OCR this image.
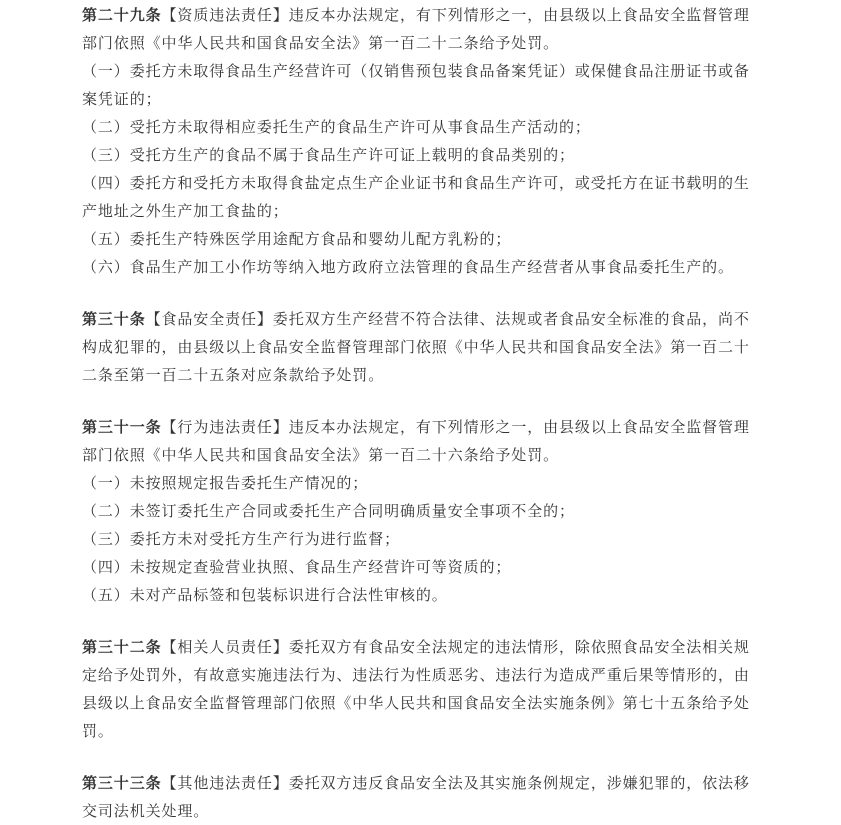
第二十九条【资质违法责任】违反本办法规定，有下列情形之一，由县级以上食品安全监督管理部门依照《中华人民共和国食品安全法》第一百二十二条给予处罚。

（一）委托方未取得食品生产经营许可（仅销售预包装食品备案凭证）或保健食品注册证书或备案凭证的；

（二）受托方未取得相应委托生产的食品生产许可从事食品生产活动的；

（三）受托方生产的食品不属于食品生产许可证上载明的食品类别的；

（四）委托方和受托方未取得食盐定点生产企业证书和食品生产许可，或受托方在证书载明的生产地址之外生产加工食盐的；

（五）委托生产特殊医学用途配方食品和婴幼儿配方乳粉的；

（六）食品生产加工小作坊等纳入地方政府立法管理的食品生产经营者从事食品委托生产的。

第三十条【食品安全责任】委托双方生产经营不符合法律、法规或者食品安全标准的食品，尚不构成犯罪的，由县级以上食品安全监督管理部门依照《中华人民共和国食品安全法》第一百二十二条至第一百二十五条对应条款给予处罚。

第三十一条【行为违法责任】违反本办法规定，有下列情形之一，由县级以上食品安全监督管理部门依照《中华人民共和国食品安全法》第一百二十六条给予处罚。

（一）未按照规定报告委托生产情况的；

（二）未签订委托生产合同或委托生产合同明确质量安全事项不全的；

（三）委托方未对受托方生产行为进行监督；

（四）未按规定查验营业执照、食品生产经营许可等资质的；

（五）未对产品标签和包装标识进行合法性审核的。

第三十二条【相关人员责任】委托双方有食品安全法规定的违法情形，除依照食品安全法相关规定给予处罚外，有故意实施违法行为、违法行为性质恶劣、违法行为造成严重后果等情形的，由县级以上食品安全监督管理部门依照《中华人民共和国食品安全法实施条例》第七十五条给予处罚。

第三十三条【其他违法责任】委托双方违反食品安全法及其实施条例规定，涉嫌犯罪的，依法移交司法机关处理。
